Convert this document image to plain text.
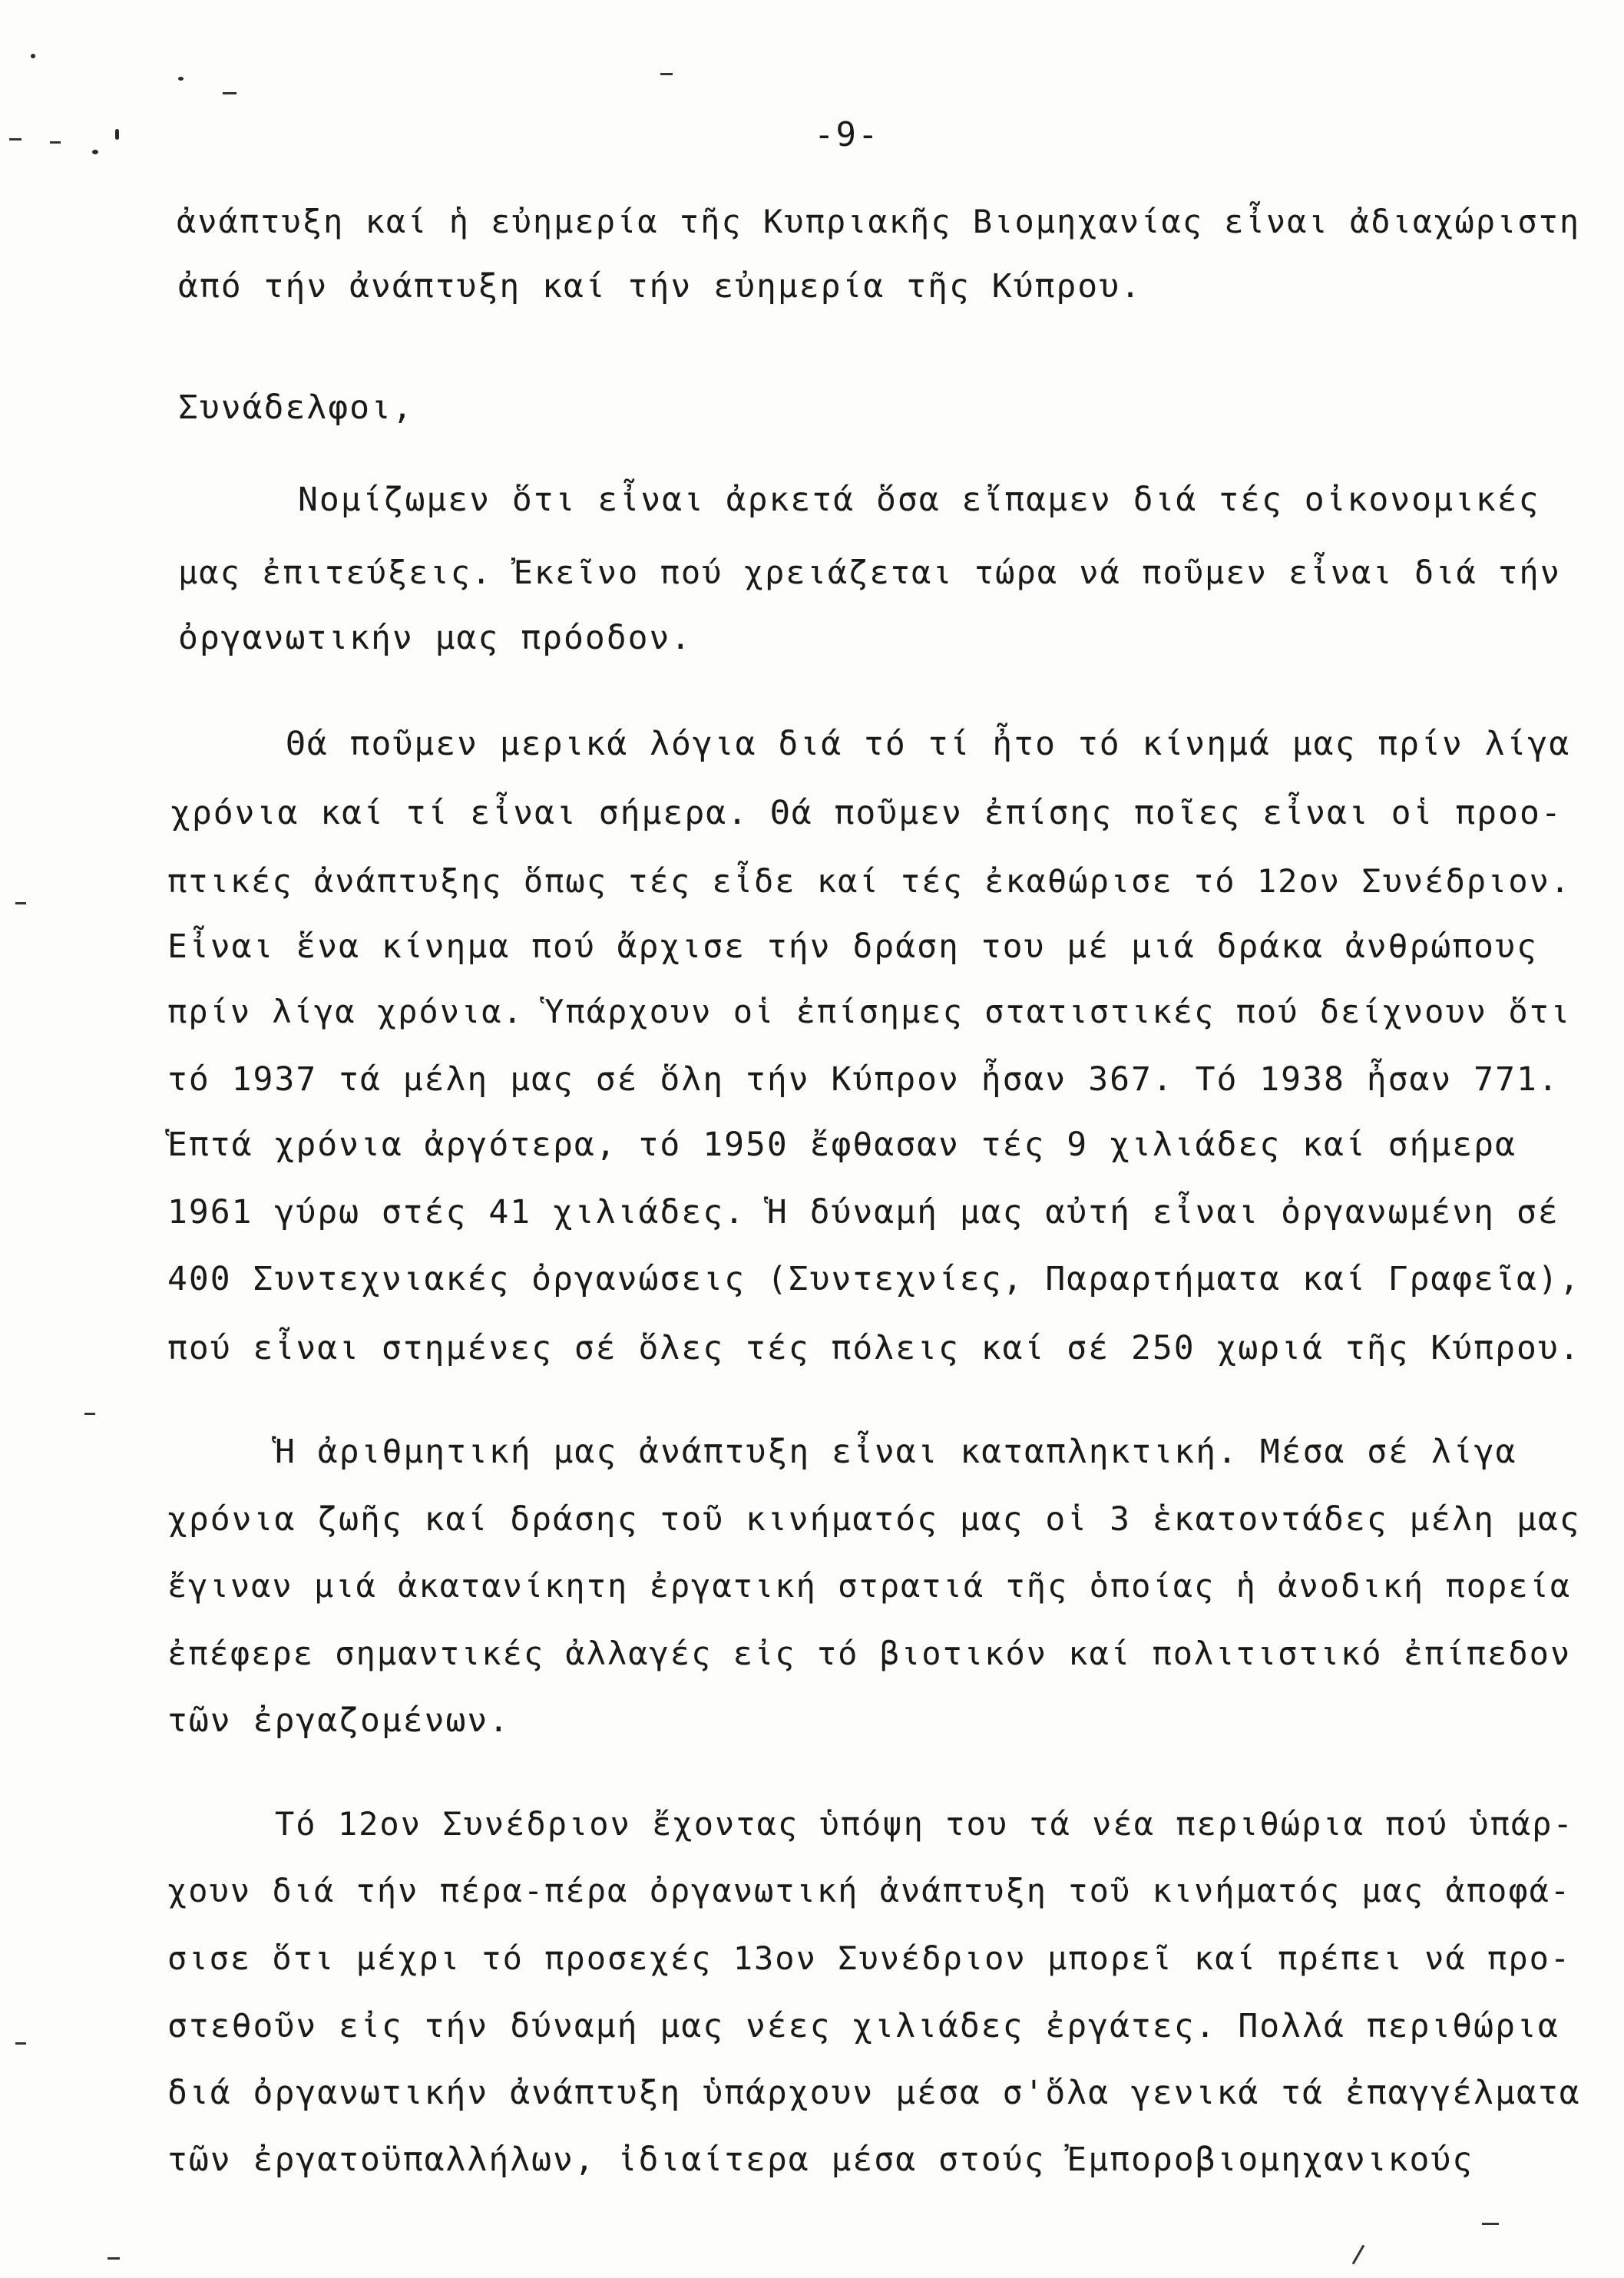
-9-
ἀνάπτυξη καί ἡ εὐημερία τῆς Κυπριακῆς Βιομηχανίας εἶναι ἀδιαχώριστη
ἀπό τήν ἀνάπτυξη καί τήν εὐημερία τῆς Κύπρου.
Συνάδελφοι,
Νομίζωμεν ὅτι εἶναι ἀρκετά ὅσα εἴπαμεν διά τές οἰκονομικές
μας ἐπιτεύξεις. Ἐκεῖνο πού χρειάζεται τώρα νά ποῦμεν εἶναι διά τήν
ὀργανωτικήν μας πρόοδον.
Θά ποῦμεν μερικά λόγια διά τό τί ἦτο τό κίνημά μας πρίν λίγα
χρόνια καί τί εἶναι σήμερα. Θά ποῦμεν ἐπίσης ποῖες εἶναι οἱ προο-
πτικές ἀνάπτυξης ὅπως τές εἶδε καί τές ἐκαθώρισε τό 12ον Συνέδριον.
Εἶναι ἕνα κίνημα πού ἄρχισε τήν δράση του μέ μιά δράκα ἀνθρώπους
πρίν λίγα χρόνια. Ὑπάρχουν οἱ ἐπίσημες στατιστικές πού δείχνουν ὅτι
τό 1937 τά μέλη μας σέ ὅλη τήν Κύπρον ἦσαν 367. Τό 1938 ἦσαν 771.
Ἑπτά χρόνια ἀργότερα, τό 1950 ἔφθασαν τές 9 χιλιάδες καί σήμερα
1961 γύρω στές 41 χιλιάδες. Ἡ δύναμή μας αὐτή εἶναι ὀργανωμένη σέ
400 Συντεχνιακές ὀργανώσεις (Συντεχνίες, Παραρτήματα καί Γραφεῖα),
πού εἶναι στημένες σέ ὅλες τές πόλεις καί σέ 250 χωριά τῆς Κύπρου.
Ἡ ἀριθμητική μας ἀνάπτυξη εἶναι καταπληκτική. Μέσα σέ λίγα
χρόνια ζωῆς καί δράσης τοῦ κινήματός μας οἱ 3 ἑκατοντάδες μέλη μας
ἔγιναν μιά ἀκατανίκητη ἐργατική στρατιά τῆς ὁποίας ἡ ἀνοδική πορεία
ἐπέφερε σημαντικές ἀλλαγές εἰς τό βιοτικόν καί πολιτιστικό ἐπίπεδον
τῶν ἐργαζομένων.
Τό 12ον Συνέδριον ἔχοντας ὑπόψη του τά νέα περιθώρια πού ὑπάρ-
χουν διά τήν πέρα-πέρα ὀργανωτική ἀνάπτυξη τοῦ κινήματός μας ἀποφά-
σισε ὅτι μέχρι τό προσεχές 13ον Συνέδριον μπορεῖ καί πρέπει νά προ-
στεθοῦν εἰς τήν δύναμή μας νέες χιλιάδες ἐργάτες. Πολλά περιθώρια
διά ὀργανωτικήν ἀνάπτυξη ὑπάρχουν μέσα σ'ὅλα γενικά τά ἐπαγγέλματα
τῶν ἐργατοϋπαλλήλων, ἰδιαίτερα μέσα στούς Ἐμποροβιομηχανικούς
